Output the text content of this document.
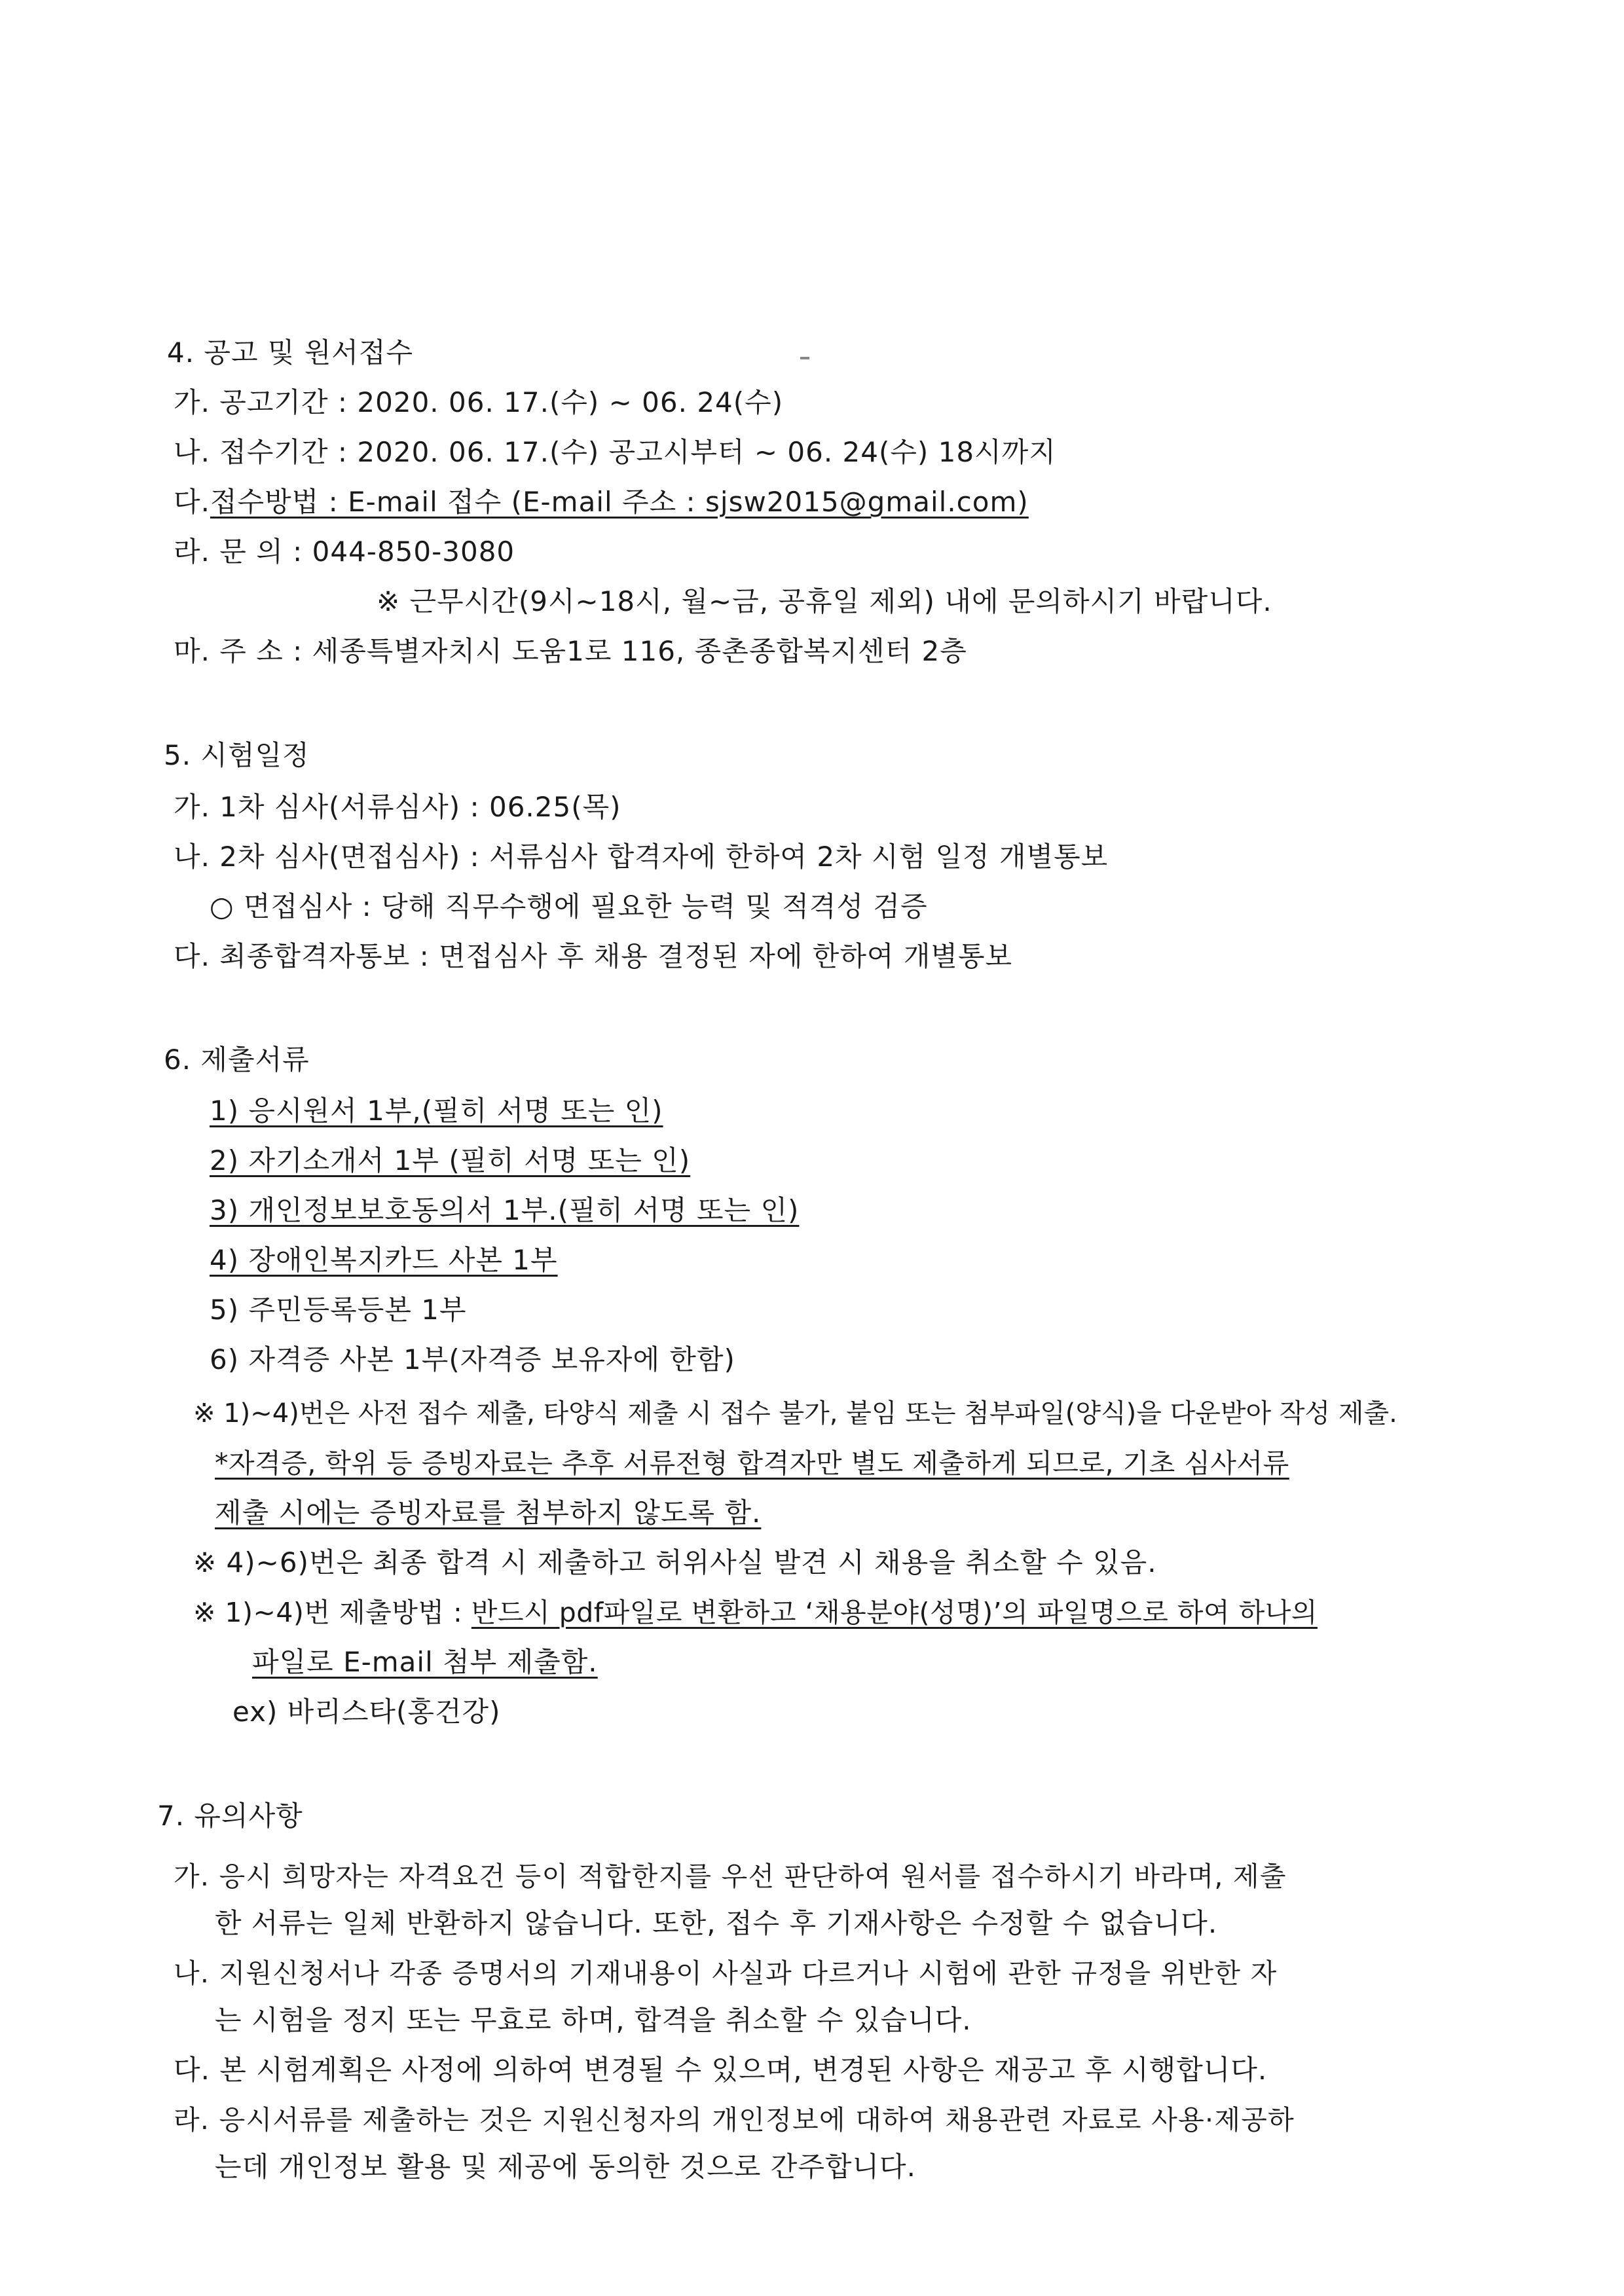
4. 공고 및 원서접수
가. 공고기간 : 2020. 06. 17.(수) ~ 06. 24(수)
나. 접수기간 : 2020. 06. 17.(수) 공고시부터 ~ 06. 24(수) 18시까지
다.접수방법 : E-mail 접수 (E-mail 주소 : sjsw2015@gmail.com)
라. 문 의 : 044-850-3080
※ 근무시간(9시~18시, 월~금, 공휴일 제외) 내에 문의하시기 바랍니다.
마. 주 소 : 세종특별자치시 도움1로 116, 종촌종합복지센터 2층
5. 시험일정
가. 1차 심사(서류심사) : 06.25(목)
나. 2차 심사(면접심사) : 서류심사 합격자에 한하여 2차 시험 일정 개별통보
○ 면접심사 : 당해 직무수행에 필요한 능력 및 적격성 검증
다. 최종합격자통보 : 면접심사 후 채용 결정된 자에 한하여 개별통보
6. 제출서류
1) 응시원서 1부,(필히 서명 또는 인)
2) 자기소개서 1부 (필히 서명 또는 인)
3) 개인정보보호동의서 1부.(필히 서명 또는 인)
4) 장애인복지카드 사본 1부
5) 주민등록등본 1부
6) 자격증 사본 1부(자격증 보유자에 한함)
※ 1)~4)번은 사전 접수 제출, 타양식 제출 시 접수 불가, 붙임 또는 첨부파일(양식)을 다운받아 작성 제출.
*자격증, 학위 등 증빙자료는 추후 서류전형 합격자만 별도 제출하게 되므로, 기초 심사서류
제출 시에는 증빙자료를 첨부하지 않도록 함.
※ 4)~6)번은 최종 합격 시 제출하고 허위사실 발견 시 채용을 취소할 수 있음.
※ 1)~4)번 제출방법 : 반드시 pdf파일로 변환하고 ‘채용분야(성명)’의 파일명으로 하여 하나의
파일로 E-mail 첨부 제출함.
ex) 바리스타(홍건강)
7. 유의사항
가. 응시 희망자는 자격요건 등이 적합한지를 우선 판단하여 원서를 접수하시기 바라며, 제출
한 서류는 일체 반환하지 않습니다. 또한, 접수 후 기재사항은 수정할 수 없습니다.
나. 지원신청서나 각종 증명서의 기재내용이 사실과 다르거나 시험에 관한 규정을 위반한 자
는 시험을 정지 또는 무효로 하며, 합격을 취소할 수 있습니다.
다. 본 시험계획은 사정에 의하여 변경될 수 있으며, 변경된 사항은 재공고 후 시행합니다.
라. 응시서류를 제출하는 것은 지원신청자의 개인정보에 대하여 채용관련 자료로 사용·제공하
는데 개인정보 활용 및 제공에 동의한 것으로 간주합니다.
